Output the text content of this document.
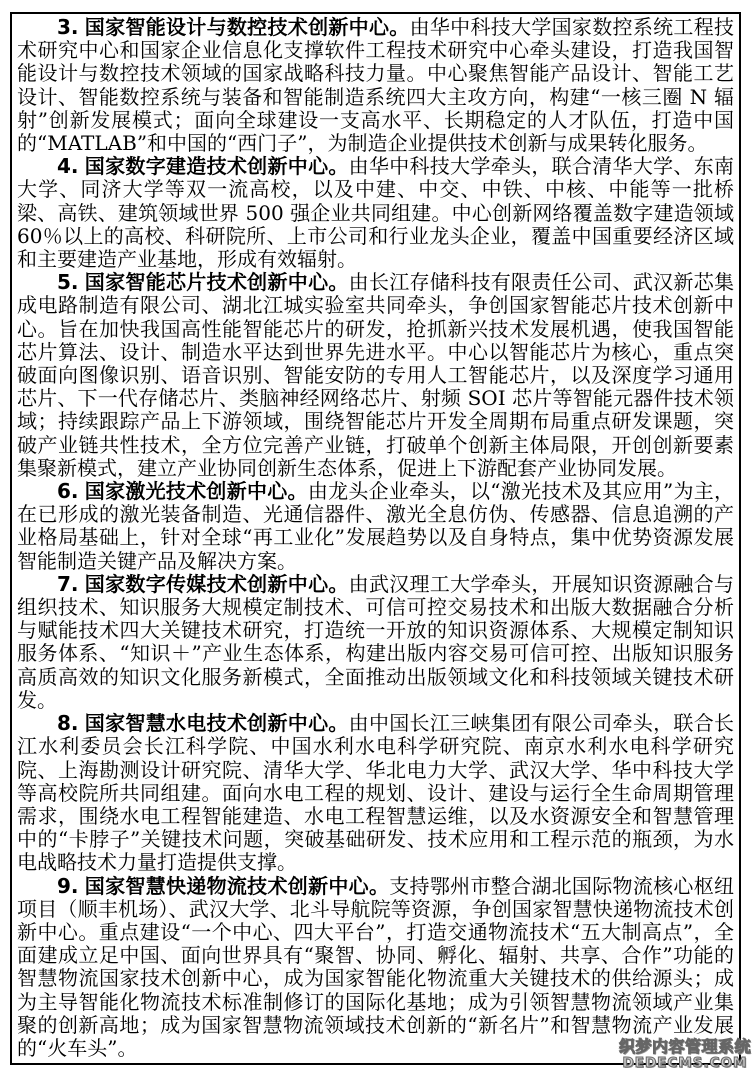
3. 国家智能设计与数控技术创新中心。由华中科技大学国家数控系统工程技术研究中心和国家企业信息化支撑软件工程技术研究中心牵头建设，打造我国智能设计与数控技术领域的国家战略科技力量。中心聚焦智能产品设计、智能工艺设计、智能数控系统与装备和智能制造系统四大主攻方向，构建“一核三圈 N 辐射”创新发展模式；面向全球建设一支高水平、长期稳定的人才队伍，打造中国的“MATLAB”和中国的“西门子”，为制造企业提供技术创新与成果转化服务。

4. 国家数字建造技术创新中心。由华中科技大学牵头，联合清华大学、东南大学、同济大学等双一流高校，以及中建、中交、中铁、中核、中能等一批桥梁、高铁、建筑领域世界 500 强企业共同组建。中心创新网络覆盖数字建造领域 60％以上的高校、科研院所、上市公司和行业龙头企业，覆盖中国重要经济区域和主要建造产业基地，形成有效辐射。

5. 国家智能芯片技术创新中心。由长江存储科技有限责任公司、武汉新芯集成电路制造有限公司、湖北江城实验室共同牵头，争创国家智能芯片技术创新中心。旨在加快我国高性能智能芯片的研发，抢抓新兴技术发展机遇，使我国智能芯片算法、设计、制造水平达到世界先进水平。中心以智能芯片为核心，重点突破面向图像识别、语音识别、智能安防的专用人工智能芯片，以及深度学习通用芯片、下一代存储芯片、类脑神经网络芯片、射频 SOI 芯片等智能元器件技术领域；持续跟踪产品上下游领域，围绕智能芯片开发全周期布局重点研发课题，突破产业链共性技术，全方位完善产业链，打破单个创新主体局限，开创创新要素集聚新模式，建立产业协同创新生态体系，促进上下游配套产业协同发展。

6. 国家激光技术创新中心。由龙头企业牵头，以“激光技术及其应用”为主，在已形成的激光装备制造、光通信器件、激光全息仿伪、传感器、信息追溯的产业格局基础上，针对全球“再工业化”发展趋势以及自身特点，集中优势资源发展智能制造关键产品及解决方案。

7. 国家数字传媒技术创新中心。由武汉理工大学牵头，开展知识资源融合与组织技术、知识服务大规模定制技术、可信可控交易技术和出版大数据融合分析与赋能技术四大关键技术研究，打造统一开放的知识资源体系、大规模定制知识服务体系、“知识＋”产业生态体系，构建出版内容交易可信可控、出版知识服务高质高效的知识文化服务新模式，全面推动出版领域文化和科技领域关键技术研发。

8. 国家智慧水电技术创新中心。由中国长江三峡集团有限公司牵头，联合长江水利委员会长江科学院、中国水利水电科学研究院、南京水利水电科学研究院、上海勘测设计研究院、清华大学、华北电力大学、武汉大学、华中科技大学等高校院所共同组建。面向水电工程的规划、设计、建设与运行全生命周期管理需求，围绕水电工程智能建造、水电工程智慧运维，以及水资源安全和智慧管理中的“卡脖子”关键技术问题，突破基础研发、技术应用和工程示范的瓶颈，为水电战略技术力量打造提供支撑。

9. 国家智慧快递物流技术创新中心。支持鄂州市整合湖北国际物流核心枢纽项目（顺丰机场）、武汉大学、北斗导航院等资源，争创国家智慧快递物流技术创新中心。重点建设“一个中心、四大平台”，打造交通物流技术“五大制高点”，全面建成立足中国、面向世界具有“聚智、协同、孵化、辐射、共享、合作”功能的智慧物流国家技术创新中心，成为国家智能化物流重大关键技术的供给源头；成为主导智能化物流技术标准制修订的国际化基地；成为引领智慧物流领域产业集聚的创新高地；成为国家智慧物流领域技术创新的“新名片”和智慧物流产业发展的“火车头”。	织梦内容管理系统
DEDECMS.COM
